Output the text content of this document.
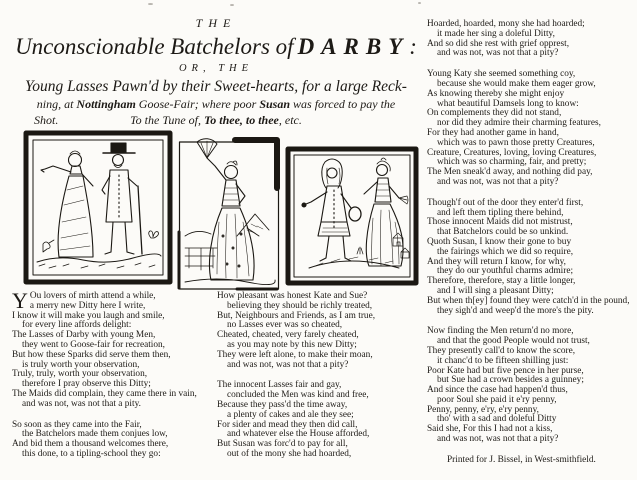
THE
Unconscionable Batchelors of DARBY:
OR, THE
Young Lasses Pawn'd by their Sweet-hearts, for a large Reck-
ning, at Nottingham Goose-Fair; where poor Susan was forced to pay the
Shot.	To the Tune of, To thee, to thee, etc.
Y Ou lovers of mirth attend a while,
a merry new Ditty here I write,
I know it will make you laugh and smile,
for every line affords delight:
The Lasses of Darby with young Men,
they went to Goose-fair for recreation,
But how these Sparks did serve them then,
is truly worth your observation,
Truly, truly, worth your observation,
therefore I pray observe this Ditty;
The Maids did complain, they came there in vain,
and was not, was not that a pity.
So soon as they came into the Fair,
the Batchelors made them conjues low,
And bid them a thousand welcomes there,
this done, to a tipling-school they go:
How pleasant was honest Kate and Sue?
believing they should be richly treated,
But, Neighbours and Friends, as I am true,
no Lasses ever was so cheated,
Cheated, cheated, very farely cheated,
as you may note by this new Ditty;
They were left alone, to make their moan,
and was not, was not that a pity?
The innocent Lasses fair and gay,
concluded the Men was kind and free,
Because they pass'd the time away,
a plenty of cakes and ale they see;
For sider and mead they then did call,
and whatever else the House afforded,
But Susan was forc'd to pay for all,
out of the mony she had hoarded,
Hoarded, hoarded, mony she had hoarded;
it made her sing a doleful Ditty,
And so did she rest with grief opprest,
and was not, was not that a pity?
Young Katy she seemed something coy,
because she would make them eager grow,
As knowing thereby she might enjoy
what beautiful Damsels long to know:
On complements they did not stand,
nor did they admire their charming features,
For they had another game in hand,
which was to pawn those pretty Creatures,
Creature, Creatures, loving, loving Creatures,
which was so charming, fair, and pretty;
The Men sneak'd away, and nothing did pay,
and was not, was not that a pity?
Though'f out of the door they enter'd first,
and left them tipling there behind,
Those innocent Maids did not mistrust,
that Batchelors could be so unkind.
Quoth Susan, I know their gone to buy
the fairings which we did so require,
And they will return I know, for why,
they do our youthful charms admire;
Therefore, therefore, stay a little longer,
and I will sing a pleasant Ditty;
But when th[ey] found they were catch'd in the pound,
they sigh'd and weep'd the more's the pity.
Now finding the Men return'd no more,
and that the good People would not trust,
They presently call'd to know the score,
it chanc'd to be fifteen shilling just:
Poor Kate had but five pence in her purse,
but Sue had a crown besides a guinney;
And since the case had happen'd thus,
poor Soul she paid it e'ry penny,
Penny, penny, e'ry, e'ry penny,
tho' with a sad and doleful Ditty
Said she, For this I had not a kiss,
and was not, was not that a pity?
Printed for J. Bissel, in West-smithfield.
